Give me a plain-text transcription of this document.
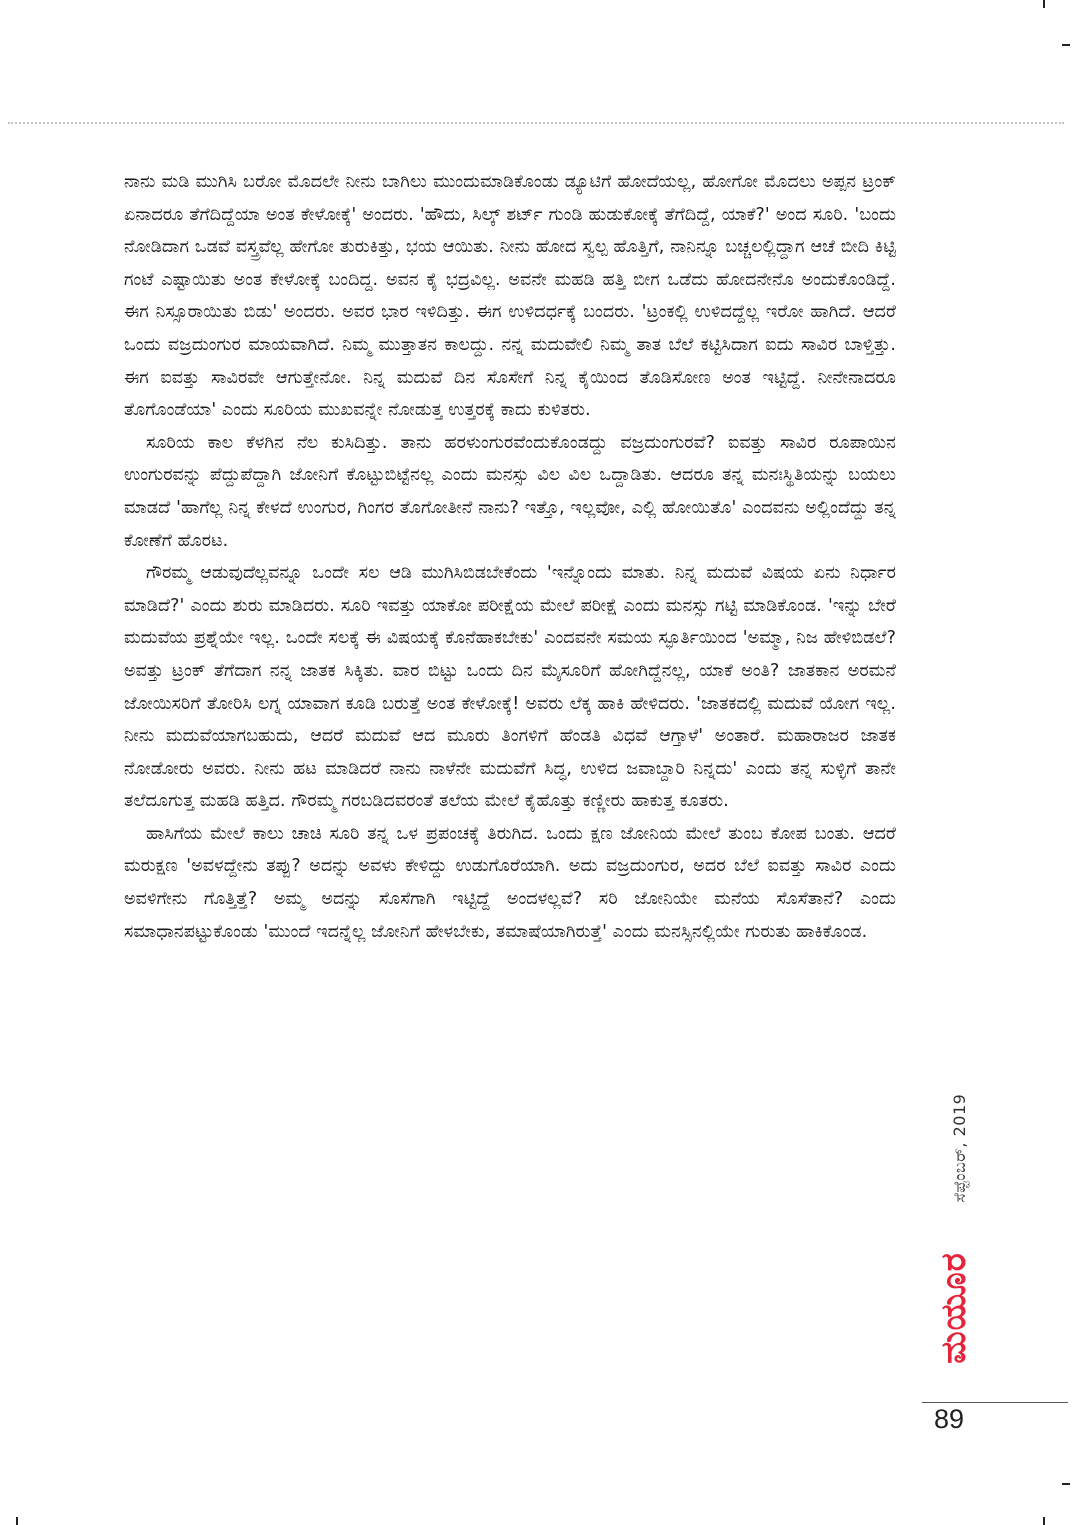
ನಾನು ಮಡಿ ಮುಗಿಸಿ ಬರೋ ಮೊದಲೇ ನೀನು ಬಾಗಿಲು ಮುಂದುಮಾಡಿಕೊಂಡು ಡ್ಯೂಟಿಗೆ ಹೋದೆಯಲ್ಲ, ಹೋಗೋ ಮೊದಲು ಅಪ್ಪನ ಟ್ರಂಕ್ ಏನಾದರೂ ತೆಗೆದಿದ್ದೆಯಾ ಅಂತ ಕೇಳೋಕ್ಕೆ' ಅಂದರು. 'ಹೌದು, ಸಿಲ್ಕ್ ಶರ್ಟ್ ಗುಂಡಿ ಹುಡುಕೋಕ್ಕೆ ತೆಗೆದಿದ್ದೆ, ಯಾಕೆ?' ಅಂದ ಸೂರಿ. 'ಬಂದು ನೋಡಿದಾಗ ಒಡವೆ ವಸ್ತ್ರವೆಲ್ಲ ಹೇಗೋ ತುರುಕಿತ್ತು, ಭಯ ಆಯಿತು. ನೀನು ಹೋದ ಸ್ವಲ್ಪ ಹೊತ್ತಿಗೆ, ನಾನಿನ್ನೂ ಬಚ್ಚಲಲ್ಲಿದ್ದಾಗ ಆಚೆ ಬೀದಿ ಕಿಟ್ಟಿ ಗಂಟೆ ಎಷ್ಟಾಯಿತು ಅಂತ ಕೇಳೋಕ್ಕೆ ಬಂದಿದ್ದ. ಅವನ ಕೈ ಭದ್ರವಿಲ್ಲ. ಅವನೇ ಮಹಡಿ ಹತ್ತಿ ಬೀಗ ಒಡೆದು ಹೋದನೇನೊ ಅಂದುಕೊಂಡಿದ್ದೆ. ಈಗ ನಿಸ್ಸೂರಾಯಿತು ಬಿಡು' ಅಂದರು. ಅವರ ಭಾರ ಇಳಿದಿತ್ತು. ಈಗ ಉಳಿದರ್ಧಕ್ಕೆ ಬಂದರು. 'ಟ್ರಂಕಲ್ಲಿ ಉಳಿದದ್ದೆಲ್ಲ ಇರೋ ಹಾಗಿದೆ. ಆದರೆ ಒಂದು ವಜ್ರದುಂಗುರ ಮಾಯವಾಗಿದೆ. ನಿಮ್ಮ ಮುತ್ತಾತನ ಕಾಲದ್ದು. ನನ್ನ ಮದುವೇಲಿ ನಿಮ್ಮ ತಾತ ಬೆಲೆ ಕಟ್ಟಿಸಿದಾಗ ಐದು ಸಾವಿರ ಬಾಳ್ತಿತ್ತು. ಈಗ ಐವತ್ತು ಸಾವಿರವೇ ಆಗುತ್ತೇನೋ. ನಿನ್ನ ಮದುವೆ ದಿನ ಸೊಸೇಗೆ ನಿನ್ನ ಕೈಯಿಂದ ತೊಡಿಸೋಣ ಅಂತ ಇಟ್ಟಿದ್ದೆ. ನೀನೇನಾದರೂ ತೊಗೊಂಡೆಯಾ' ಎಂದು ಸೂರಿಯ ಮುಖವನ್ನೇ ನೋಡುತ್ತ ಉತ್ತರಕ್ಕೆ ಕಾದು ಕುಳಿತರು.

ಸೂರಿಯ ಕಾಲ ಕೆಳಗಿನ ನೆಲ ಕುಸಿದಿತ್ತು. ತಾನು ಹರಳುಂಗುರವೆಂದುಕೊಂಡದ್ದು ವಜ್ರದುಂಗುರವೆ? ಐವತ್ತು ಸಾವಿರ ರೂಪಾಯಿನ ಉಂಗುರವನ್ನು ಪೆದ್ದುಪೆದ್ದಾಗಿ ಜೋನಿಗೆ ಕೊಟ್ಟುಬಿಟ್ಟೆನಲ್ಲ ಎಂದು ಮನಸ್ಸು ವಿಲ ವಿಲ ಒದ್ದಾಡಿತು. ಆದರೂ ತನ್ನ ಮನಃಸ್ಥಿತಿಯನ್ನು ಬಯಲು ಮಾಡದೆ 'ಹಾಗೆಲ್ಲ ನಿನ್ನ ಕೇಳದೆ ಉಂಗುರ, ಗಿಂಗರ ತೊಗೋತೀನೆ ನಾನು? ಇತ್ತೊ, ಇಲ್ಲವೋ, ಎಲ್ಲಿ ಹೋಯಿತೊ' ಎಂದವನು ಅಲ್ಲಿಂದೆದ್ದು ತನ್ನ ಕೋಣೆಗೆ ಹೊರಟ.

ಗೌರಮ್ಮ ಆಡುವುದೆಲ್ಲವನ್ನೂ ಒಂದೇ ಸಲ ಆಡಿ ಮುಗಿಸಿಬಿಡಬೇಕೆಂದು 'ಇನ್ನೊಂದು ಮಾತು. ನಿನ್ನ ಮದುವೆ ವಿಷಯ ಏನು ನಿರ್ಧಾರ ಮಾಡಿದೆ?' ಎಂದು ಶುರು ಮಾಡಿದರು. ಸೂರಿ ಇವತ್ತು ಯಾಕೋ ಪರೀಕ್ಷೆಯ ಮೇಲೆ ಪರೀಕ್ಷೆ ಎಂದು ಮನಸ್ಸು ಗಟ್ಟಿ ಮಾಡಿಕೊಂಡ. 'ಇನ್ನು ಬೇರೆ ಮದುವೆಯ ಪ್ರಶ್ನೆಯೇ ಇಲ್ಲ. ಒಂದೇ ಸಲಕ್ಕೆ ಈ ವಿಷಯಕ್ಕೆ ಕೊನೆಹಾಕಬೇಕು' ಎಂದವನೇ ಸಮಯ ಸ್ಫೂರ್ತಿಯಿಂದ 'ಅಮ್ಮಾ, ನಿಜ ಹೇಳಿಬಿಡಲೆ? ಅವತ್ತು ಟ್ರಂಕ್ ತೆಗೆದಾಗ ನನ್ನ ಜಾತಕ ಸಿಕ್ಕಿತು. ವಾರ ಬಿಟ್ಟು ಒಂದು ದಿನ ಮೈಸೂರಿಗೆ ಹೋಗಿದ್ದೆನಲ್ಲ, ಯಾಕೆ ಅಂತಿ? ಜಾತಕಾನ ಅರಮನೆ ಜೋಯಿಸರಿಗೆ ತೋರಿಸಿ ಲಗ್ನ ಯಾವಾಗ ಕೂಡಿ ಬರುತ್ತೆ ಅಂತ ಕೇಳೋಕ್ಕೆ! ಅವರು ಲೆಕ್ಕ ಹಾಕಿ ಹೇಳಿದರು. 'ಜಾತಕದಲ್ಲಿ ಮದುವೆ ಯೋಗ ಇಲ್ಲ. ನೀನು ಮದುವೆಯಾಗಬಹುದು, ಆದರೆ ಮದುವೆ ಆದ ಮೂರು ತಿಂಗಳಿಗೆ ಹೆಂಡತಿ ವಿಧವೆ ಆಗ್ತಾಳೆ' ಅಂತಾರೆ. ಮಹಾರಾಜರ ಜಾತಕ ನೋಡೋರು ಅವರು. ನೀನು ಹಟ ಮಾಡಿದರೆ ನಾನು ನಾಳೆನೇ ಮದುವೆಗೆ ಸಿದ್ಧ, ಉಳಿದ ಜವಾಬ್ದಾರಿ ನಿನ್ನದು' ಎಂದು ತನ್ನ ಸುಳ್ಳಿಗೆ ತಾನೇ ತಲೆದೂಗುತ್ತ ಮಹಡಿ ಹತ್ತಿದ. ಗೌರಮ್ಮ ಗರಬಡಿದವರಂತೆ ತಲೆಯ ಮೇಲೆ ಕೈಹೊತ್ತು ಕಣ್ಣೀರು ಹಾಕುತ್ತ ಕೂತರು.

ಹಾಸಿಗೆಯ ಮೇಲೆ ಕಾಲು ಚಾಚಿ ಸೂರಿ ತನ್ನ ಒಳ ಪ್ರಪಂಚಕ್ಕೆ ತಿರುಗಿದ. ಒಂದು ಕ್ಷಣ ಜೋನಿಯ ಮೇಲೆ ತುಂಬ ಕೋಪ ಬಂತು. ಆದರೆ ಮರುಕ್ಷಣ 'ಅವಳದ್ದೇನು ತಪ್ಪು? ಅದನ್ನು ಅವಳು ಕೇಳಿದ್ದು ಉಡುಗೊರೆಯಾಗಿ. ಅದು ವಜ್ರದುಂಗುರ, ಅದರ ಬೆಲೆ ಐವತ್ತು ಸಾವಿರ ಎಂದು ಅವಳಿಗೇನು ಗೊತ್ತಿತ್ತೆ? ಅಮ್ಮ ಅದನ್ನು ಸೊಸೆಗಾಗಿ ಇಟ್ಟಿದ್ದೆ ಅಂದಳಲ್ಲವೆ? ಸರಿ ಜೋನಿಯೇ ಮನೆಯ ಸೊಸೆತಾನೆ? ಎಂದು ಸಮಾಧಾನಪಟ್ಟುಕೊಂಡು 'ಮುಂದೆ ಇದನ್ನೆಲ್ಲ ಜೋನಿಗೆ ಹೇಳಬೇಕು, ತಮಾಷೆಯಾಗಿರುತ್ತೆ' ಎಂದು ಮನಸ್ಸಿನಲ್ಲಿಯೇ ಗುರುತು ಹಾಕಿಕೊಂಡ.

ಸೆಪ್ಟೆಂಬರ್, 2019
ಮಯೂರ
89
